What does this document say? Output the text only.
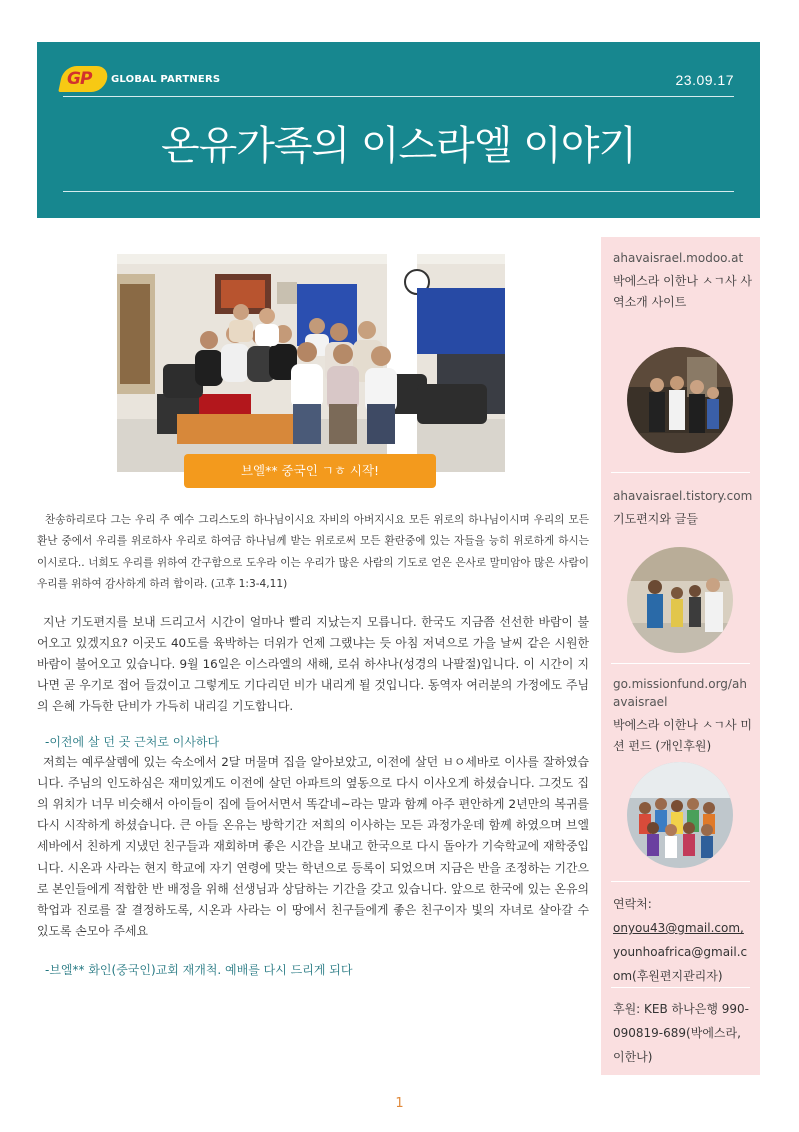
GP GLOBAL PARTNERS	23.09.17
온유가족의 이스라엘 이야기
브엘** 중국인 ㄱㅎ 시작!

찬송하리로다 그는 우리 주 예수 그리스도의 하나님이시요 자비의 아버지시요 모든 위로의 하나님이시며 우리의 모든 환난 중에서 우리를 위로하사 우리로 하여금 하나님께 받는 위로로써 모든 환란중에 있는 자들을 능히 위로하게 하시는 이시로다.. 너희도 우리를 위하여 간구함으로 도우라 이는 우리가 많은 사람의 기도로 얻은 은사로 말미암아 많은 사람이 우리를 위하여 감사하게 하려 함이라. (고후 1:3-4,11)

지난 기도편지를 보내 드리고서 시간이 얼마나 빨리 지났는지 모릅니다. 한국도 지금쯤 선선한 바람이 불어오고 있겠지요? 이곳도 40도를 육박하는 더위가 언제 그랬냐는 듯 아침 저녁으로 가을 날씨 같은 시원한 바람이 불어오고 있습니다. 9월 16일은 이스라엘의 새해, 로쉬 하샤나(성경의 나팔절)입니다. 이 시간이 지나면 곧 우기로 접어 들겄이고 그렇게도 기다리던 비가 내리게 될 것입니다. 동역자 여러분의 가정에도 주님의 은혜 가득한 단비가 가득히 내리길 기도합니다.

-이전에 살 던 곳 근처로 이사하다

저희는 예루살렘에 있는 숙소에서 2달 머물며 집을 알아보았고, 이전에 살던 ㅂㅇ세바로 이사를 잘하였습니다. 주님의 인도하심은 재미있게도 이전에 살던 아파트의 옆동으로 다시 이사오게 하셨습니다. 그것도 집의 위치가 너무 비슷해서 아이들이 집에 들어서면서 똑같네~라는 말과 함께 아주 편안하게 2년만의 복귀를 다시 시작하게 하셨습니다. 큰 아들 온유는 방학기간 저희의 이사하는 모든 과정가운데 함께 하였으며 브엘세바에서 친하게 지냈던 친구들과 재회하며 좋은 시간을 보내고 한국으로 다시 돌아가 기숙학교에 재학중입니다. 시온과 사라는 현지 학교에 자기 연령에 맞는 학년으로 등록이 되었으며 지금은 반을 조정하는 기간으로 본인들에게 적합한 반 배정을 위해 선생님과 상담하는 기간을 갖고 있습니다. 앞으로 한국에 있는 온유의 학업과 진로를 잘 결정하도록, 시온과 사라는 이 땅에서 친구들에게 좋은 친구이자 빛의 자녀로 살아갈 수 있도록 손모아 주세요

-브엘** 화인(중국인)교회 재개척. 예배를 다시 드리게 되다

ahavaisrael.modoo.at
박에스라 이한나 ㅅㄱ사 사역소개 사이트
ahavaisrael.tistory.com
기도편지와 글들
go.missionfund.org/ahavaisrael
박에스라 이한나 ㅅㄱ사 미션 펀드 (개인후원)
연락처:
onyou43@gmail.com,
younhoafrica@gmail.com(후원편지관리자)
후원: KEB 하나은행 990-090819-689(박에스라, 이한나)
1
